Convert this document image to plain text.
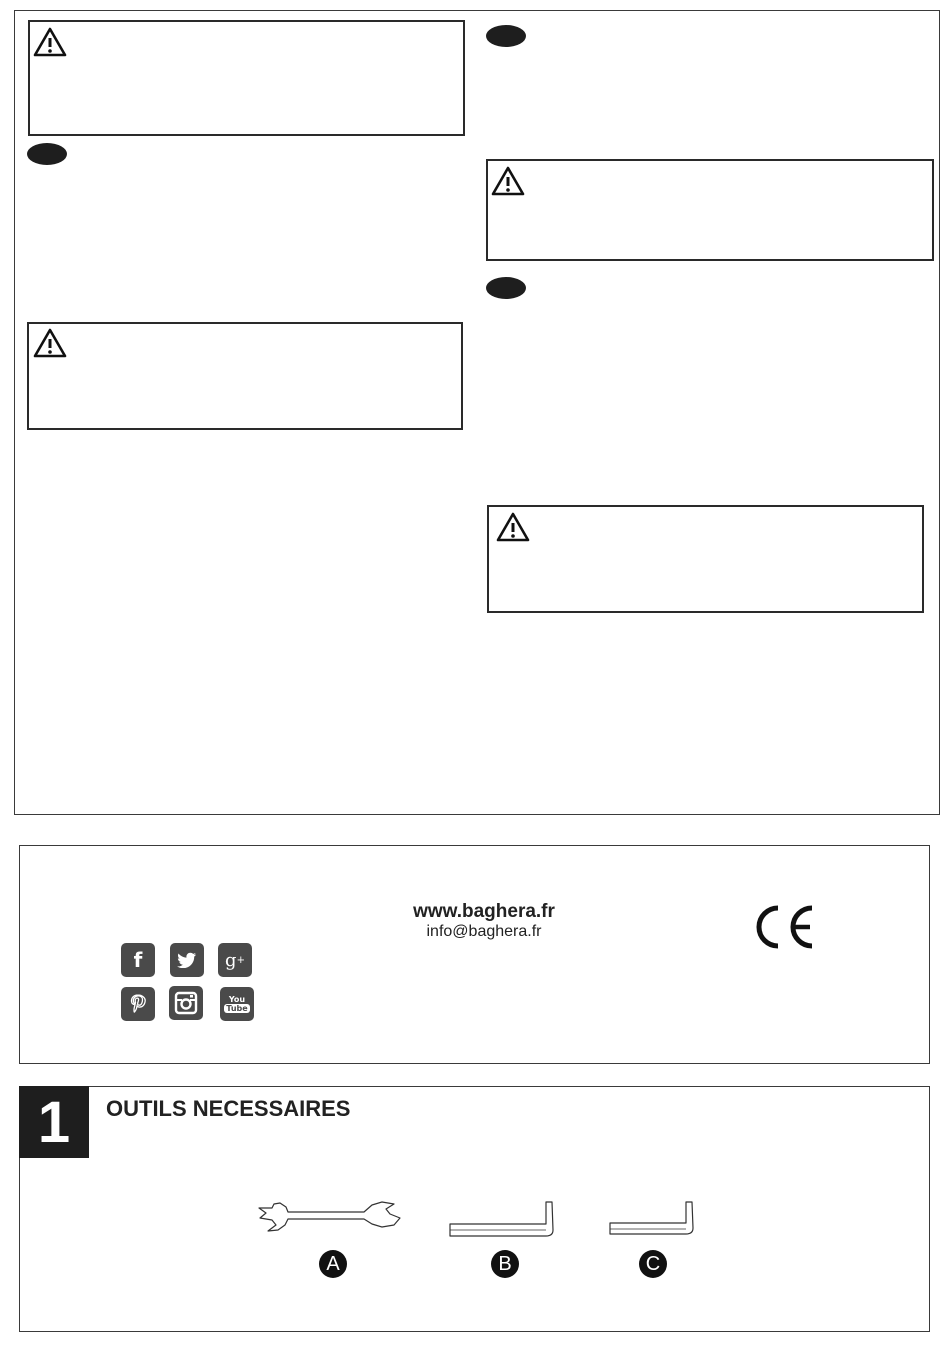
f	g +
You
Tube
www.baghera.fr
info@baghera.fr
1 OUTILS NECESSAIRES
A	B	C
